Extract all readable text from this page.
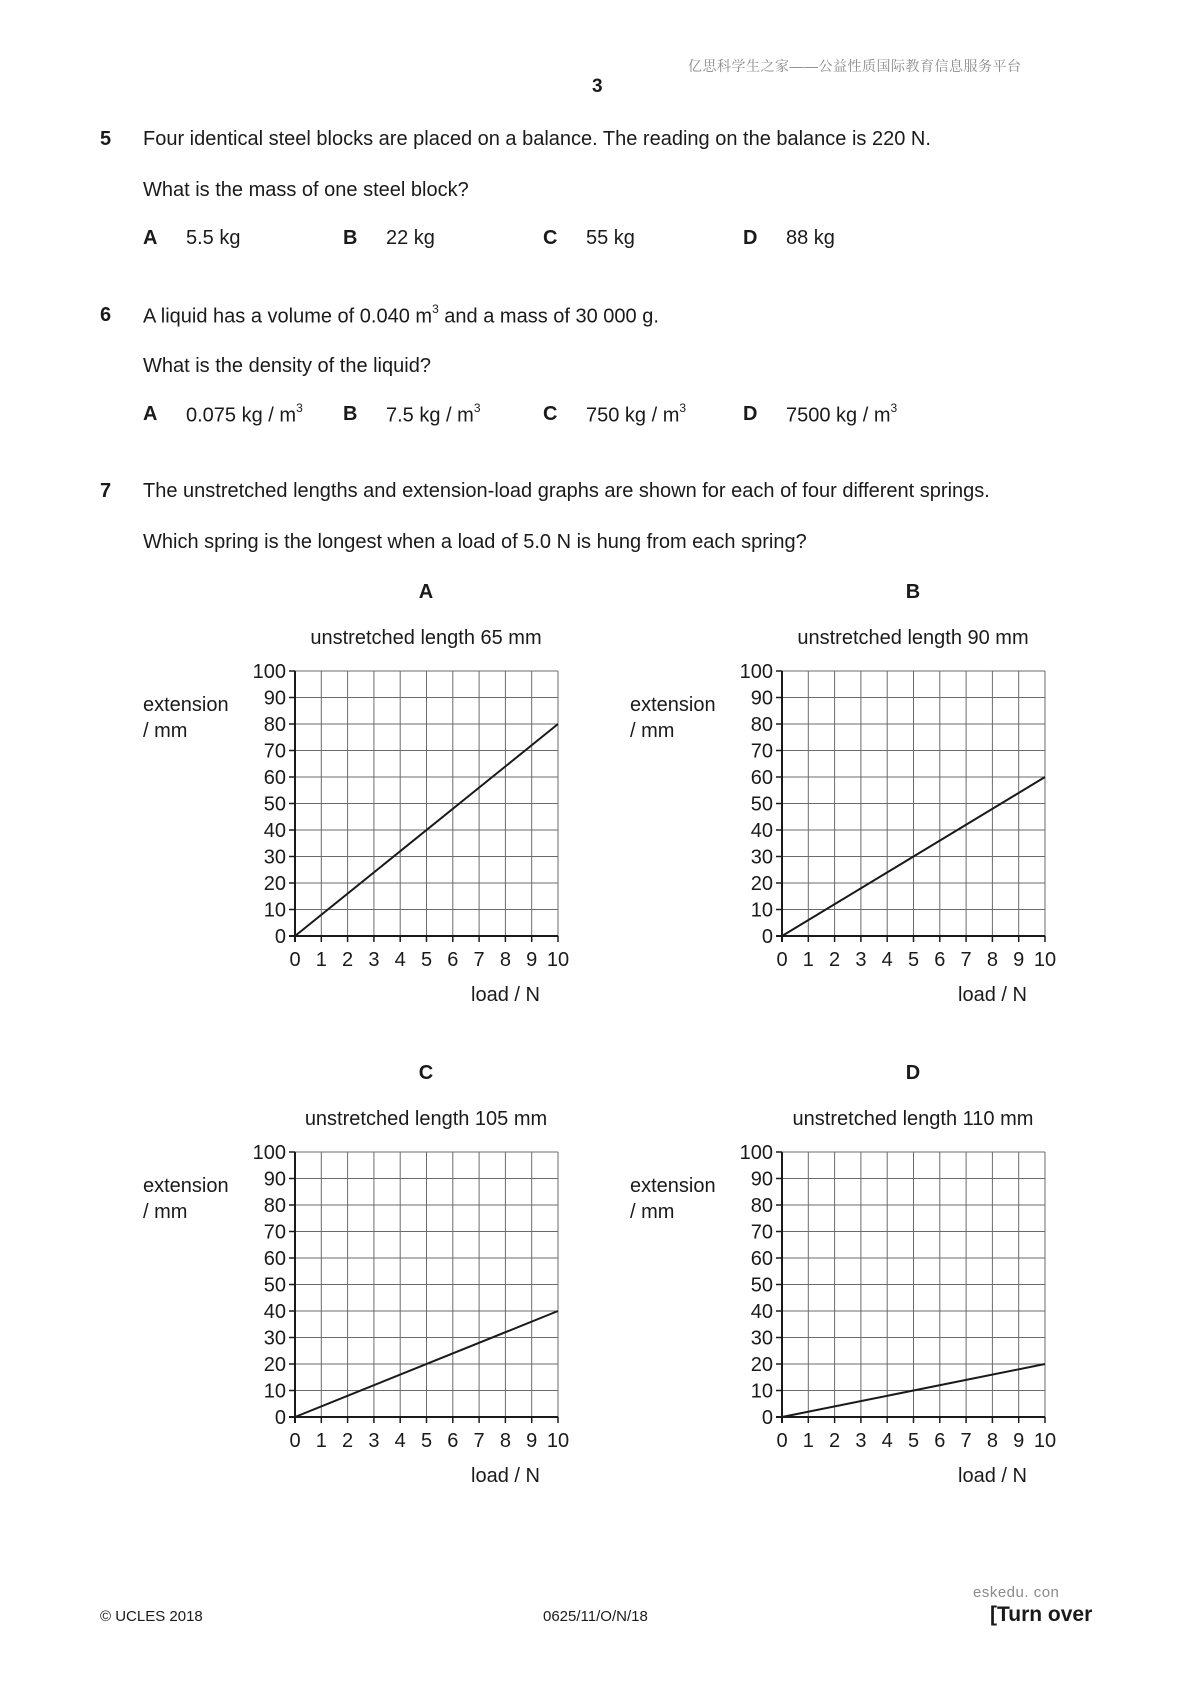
亿思科学生之家——公益性质国际教育信息服务平台
3
5 Four identical steel blocks are placed on a balance. The reading on the balance is 220 N.
What is the mass of one steel block?
A 5.5 kg	B 22 kg	C 55 kg	D 88 kg
6 A liquid has a volume of 0.040 $m^3$ and a mass of 30 000 g.
What is the density of the liquid?
A 0.075 kg / $m^3$ B 7.5 kg / $m^3$	C 750 kg / $m^3$	D 7500 kg / $m^3$
7 The unstretched lengths and extension-load graphs are shown for each of four different springs.
Which spring is the longest when a load of 5.0 N is hung from each spring?
A
unstretched length 65 mm
extension
/ mm
0
10
20
30
40
50
60
70
80
90
100
0 1 2 3 4 5 6 7 8 9 10
load / N
B
unstretched length 90 mm
extension
/ mm
0
10
20
30
40
50
60
70
80
90
100
0 1 2 3 4 5 6 7 8 9 10
load / N
C
unstretched length 105 mm
extension
/ mm
0
10
20
30
40
50
60
70
80
90
100
0 1 2 3 4 5 6 7 8 9 10
load / N
D
unstretched length 110 mm
extension
/ mm
0
10
20
30
40
50
60
70
80
90
100
0 1 2 3 4 5 6 7 8 9 10
load / N
eskedu. con
© UCLES 2018	0625/11/O/N/18	[Turn over
